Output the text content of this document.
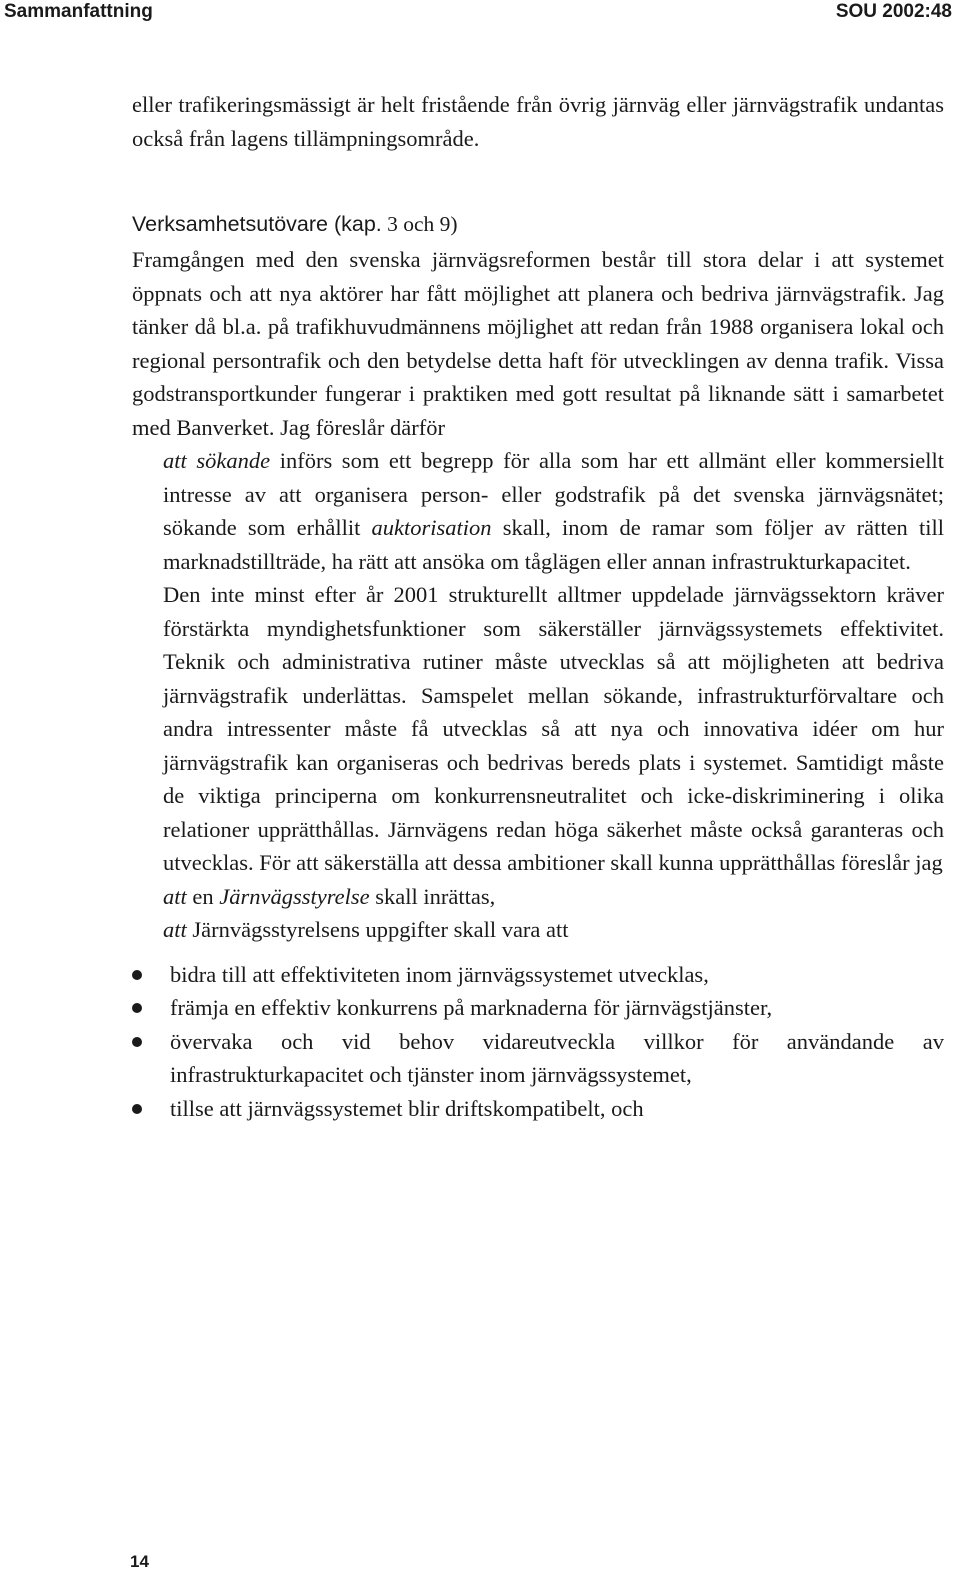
Sammanfattning	SOU 2002:48

eller trafikeringsmässigt är helt fristående från övrig järnväg eller järnvägstrafik undantas också från lagens tillämpningsområde.

Verksamhetsutövare (kap. 3 och 9)

Framgången med den svenska järnvägsreformen består till stora delar i att systemet öppnats och att nya aktörer har fått möjlighet att planera och bedriva järnvägstrafik. Jag tänker då bl.a. på trafikhuvudmännens möjlighet att redan från 1988 organisera lokal och regional persontrafik och den betydelse detta haft för utvecklingen av denna trafik. Vissa godstransportkunder fungerar i praktiken med gott resultat på liknande sätt i samarbetet med Banverket. Jag föreslår därför

att sökande införs som ett begrepp för alla som har ett allmänt eller kommersiellt intresse av att organisera person- eller godstrafik på det svenska järnvägsnätet; sökande som erhållit auktorisation skall, inom de ramar som följer av rätten till marknadstillträde, ha rätt att ansöka om tåglägen eller annan infrastrukturkapacitet.

Den inte minst efter år 2001 strukturellt alltmer uppdelade järnvägssektorn kräver förstärkta myndighetsfunktioner som säkerställer järnvägssystemets effektivitet. Teknik och administrativa rutiner måste utvecklas så att möjligheten att bedriva järnvägstrafik underlättas. Samspelet mellan sökande, infrastrukturförvaltare och andra intressenter måste få utvecklas så att nya och innovativa idéer om hur järnvägstrafik kan organiseras och bedrivas bereds plats i systemet. Samtidigt måste de viktiga principerna om konkurrensneutralitet och icke-diskriminering i olika relationer upprätthållas. Järnvägens redan höga säkerhet måste också garanteras och utvecklas. För att säkerställa att dessa ambitioner skall kunna upprätthållas föreslår jag

att en Järnvägsstyrelse skall inrättas,

att Järnvägsstyrelsens uppgifter skall vara att

bidra till att effektiviteten inom järnvägssystemet utvecklas,
främja en effektiv konkurrens på marknaderna för järnvägstjänster,
övervaka och vid behov vidareutveckla villkor för användande av infrastrukturkapacitet och tjänster inom järnvägssystemet,
tillse att järnvägssystemet blir driftskompatibelt, och
14
